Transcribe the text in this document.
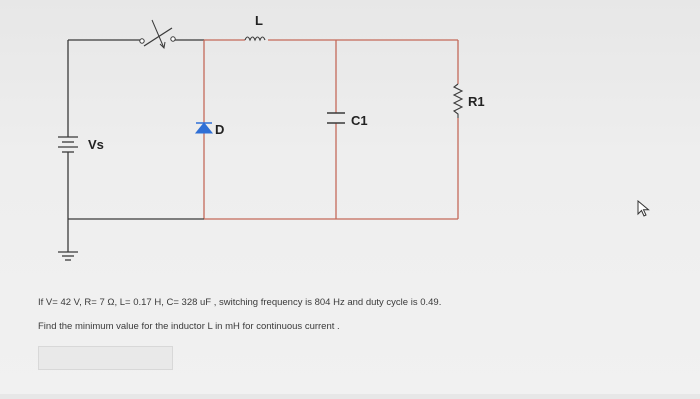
L
C1
R1
D
Vs
If V= 42 V, R= 7 Ω, L= 0.17 H, C= 328 uF , switching frequency is 804 Hz and duty cycle is 0.49.
Find the minimum value for the inductor L in mH for continuous current .
